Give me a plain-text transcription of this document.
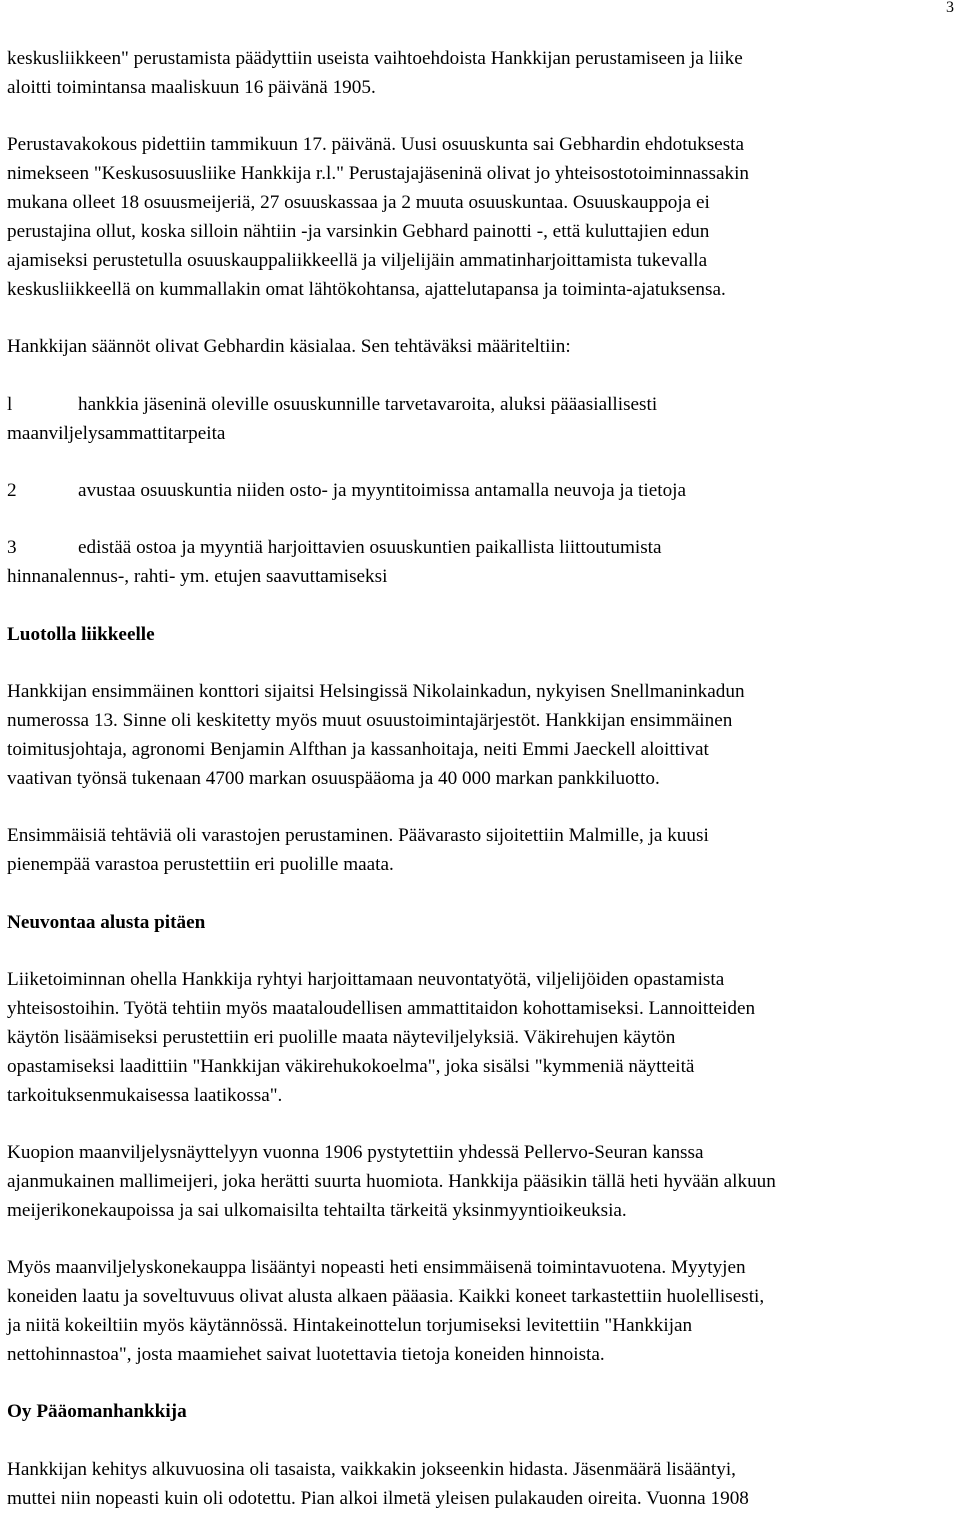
3
keskusliikkeen" perustamista päädyttiin useista vaihtoehdoista Hankkijan perustamiseen ja liike
aloitti toimintansa maaliskuun 16 päivänä 1905.
Perustavakokous pidettiin tammikuun 17. päivänä. Uusi osuuskunta sai Gebhardin ehdotuksesta
nimekseen "Keskusosuusliike Hankkija r.l." Perustajajäseninä olivat jo yhteisostotoiminnassakin
mukana olleet 18 osuusmeijeriä, 27 osuuskassaa ja 2 muuta osuuskuntaa. Osuuskauppoja ei
perustajina ollut, koska silloin nähtiin -ja varsinkin Gebhard painotti -, että kuluttajien edun
ajamiseksi perustetulla osuuskauppaliikkeellä ja viljelijäin ammatinharjoittamista tukevalla
keskusliikkeellä on kummallakin omat lähtökohtansa, ajattelutapansa ja toiminta-ajatuksensa.
Hankkijan säännöt olivat Gebhardin käsialaa. Sen tehtäväksi määriteltiin:
l	hankkia jäseninä oleville osuuskunnille tarvetavaroita, aluksi pääasiallisesti
maanviljelysammattitarpeita
2	avustaa osuuskuntia niiden osto- ja myyntitoimissa antamalla neuvoja ja tietoja
3	edistää ostoa ja myyntiä harjoittavien osuuskuntien paikallista liittoutumista
hinnanalennus-, rahti- ym. etujen saavuttamiseksi
Luotolla liikkeelle
Hankkijan ensimmäinen konttori sijaitsi Helsingissä Nikolainkadun, nykyisen Snellmaninkadun
numerossa 13. Sinne oli keskitetty myös muut osuustoimintajärjestöt. Hankkijan ensimmäinen
toimitusjohtaja, agronomi Benjamin Alfthan ja kassanhoitaja, neiti Emmi Jaeckell aloittivat
vaativan työnsä tukenaan 4700 markan osuuspääoma ja 40 000 markan pankkiluotto.
Ensimmäisiä tehtäviä oli varastojen perustaminen. Päävarasto sijoitettiin Malmille, ja kuusi
pienempää varastoa perustettiin eri puolille maata.
Neuvontaa alusta pitäen
Liiketoiminnan ohella Hankkija ryhtyi harjoittamaan neuvontatyötä, viljelijöiden opastamista
yhteisostoihin. Työtä tehtiin myös maataloudellisen ammattitaidon kohottamiseksi. Lannoitteiden
käytön lisäämiseksi perustettiin eri puolille maata näyteviljelyksiä. Väkirehujen käytön
opastamiseksi laadittiin "Hankkijan väkirehukokoelma", joka sisälsi "kymmeniä näytteitä
tarkoituksenmukaisessa laatikossa".
Kuopion maanviljelysnäyttelyyn vuonna 1906 pystytettiin yhdessä Pellervo-Seuran kanssa
ajanmukainen mallimeijeri, joka herätti suurta huomiota. Hankkija pääsikin tällä heti hyvään alkuun
meijerikonekaupoissa ja sai ulkomaisilta tehtailta tärkeitä yksinmyyntioikeuksia.
Myös maanviljelyskonekauppa lisääntyi nopeasti heti ensimmäisenä toimintavuotena. Myytyjen
koneiden laatu ja soveltuvuus olivat alusta alkaen pääasia. Kaikki koneet tarkastettiin huolellisesti,
ja niitä kokeiltiin myös käytännössä. Hintakeinottelun torjumiseksi levitettiin "Hankkijan
nettohinnastoa", josta maamiehet saivat luotettavia tietoja koneiden hinnoista.
Oy Pääomanhankkija
Hankkijan kehitys alkuvuosina oli tasaista, vaikkakin jokseenkin hidasta. Jäsenmäärä lisääntyi,
muttei niin nopeasti kuin oli odotettu. Pian alkoi ilmetä yleisen pulakauden oireita. Vuonna 1908
